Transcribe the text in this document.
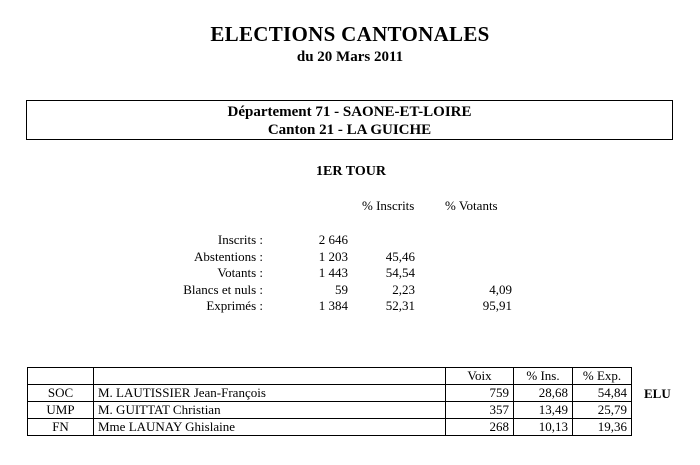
ELECTIONS CANTONALES
du 20 Mars 2011
Département 71 - SAONE-ET-LOIRE
Canton 21 - LA GUICHE
1ER TOUR
% Inscrits % Votants
Inscrits :	2 646
Abstentions :	1 203	45,46
Votants :	1 443	54,54
Blancs et nuls :	59	2,23	4,09
Exprimés :	1 384	52,31	95,91
		Voix	% Ins.	% Exp.
SOC	M. LAUTISSIER Jean-François	759	28,68	54,84
UMP	M. GUITTAT Christian	357	13,49	25,79
FN	Mme LAUNAY Ghislaine	268	10,13	19,36
ELU
